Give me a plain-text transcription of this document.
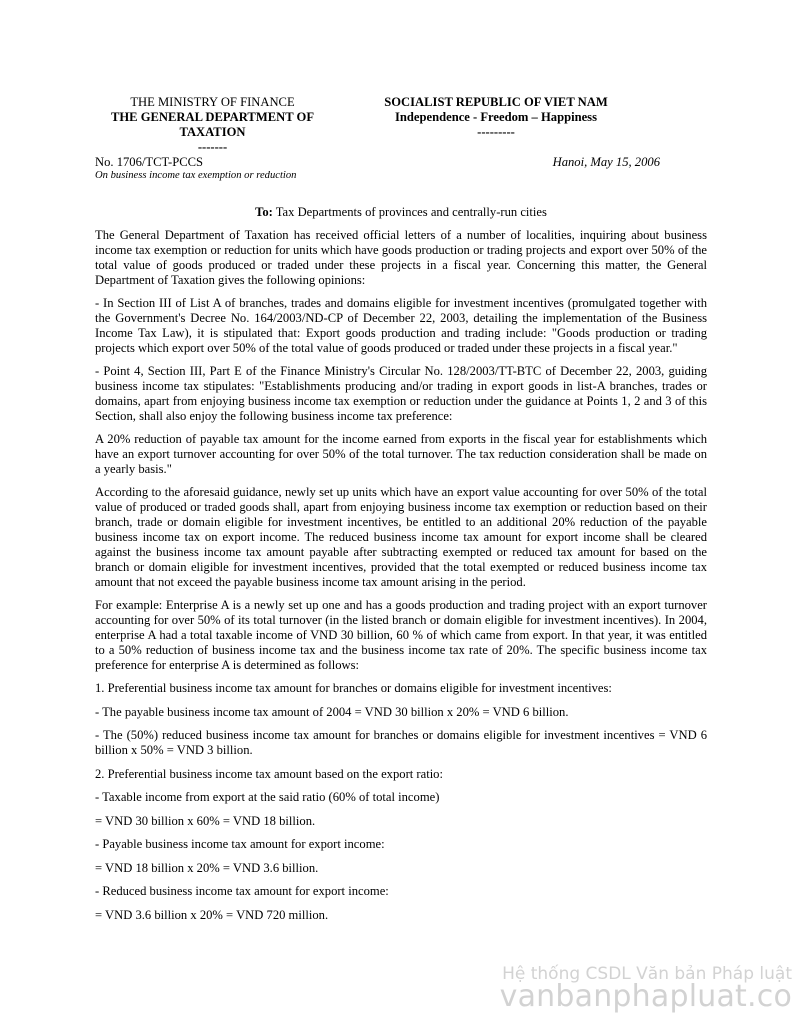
THE MINISTRY OF FINANCE
THE GENERAL DEPARTMENT OF
TAXATION
-------
SOCIALIST REPUBLIC OF VIET NAM
Independence - Freedom – Happiness
---------
No. 1706/TCT-PCCS	Hanoi, May 15, 2006
On business income tax exemption or reduction
To: Tax Departments of provinces and centrally-run cities

The General Department of Taxation has received official letters of a number of localities, inquiring about business income tax exemption or reduction for units which have goods production or trading projects and export over 50% of the total value of goods produced or traded under these projects in a fiscal year. Concerning this matter, the General Department of Taxation gives the following opinions:

- In Section III of List A of branches, trades and domains eligible for investment incentives (promulgated together with the Government's Decree No. 164/2003/ND-CP of December 22, 2003, detailing the implementation of the Business Income Tax Law), it is stipulated that: Export goods production and trading include: "Goods production or trading projects which export over 50% of the total value of goods produced or traded under these projects in a fiscal year."

- Point 4, Section III, Part E of the Finance Ministry's Circular No. 128/2003/TT-BTC of December 22, 2003, guiding business income tax stipulates: "Establishments producing and/or trading in export goods in list-A branches, trades or domains, apart from enjoying business income tax exemption or reduction under the guidance at Points 1, 2 and 3 of this Section, shall also enjoy the following business income tax preference:

A 20% reduction of payable tax amount for the income earned from exports in the fiscal year for establishments which have an export turnover accounting for over 50% of the total turnover. The tax reduction consideration shall be made on a yearly basis."

According to the aforesaid guidance, newly set up units which have an export value accounting for over 50% of the total value of produced or traded goods shall, apart from enjoying business income tax exemption or reduction based on their branch, trade or domain eligible for investment incentives, be entitled to an additional 20% reduction of the payable business income tax on export income. The reduced business income tax amount for export income shall be cleared against the business income tax amount payable after subtracting exempted or reduced tax amount for based on the branch or domain eligible for investment incentives, provided that the total exempted or reduced business income tax amount that not exceed the payable business income tax amount arising in the period.

For example: Enterprise A is a newly set up one and has a goods production and trading project with an export turnover accounting for over 50% of its total turnover (in the listed branch or domain eligible for investment incentives). In 2004, enterprise A had a total taxable income of VND 30 billion, 60 % of which came from export. In that year, it was entitled to a 50% reduction of business income tax and the business income tax rate of 20%. The specific business income tax preference for enterprise A is determined as follows:

1. Preferential business income tax amount for branches or domains eligible for investment incentives:

- The payable business income tax amount of 2004 = VND 30 billion x 20% = VND 6 billion.

- The (50%) reduced business income tax amount for branches or domains eligible for investment incentives = VND 6 billion x 50% = VND 3 billion.

2. Preferential business income tax amount based on the export ratio:

- Taxable income from export at the said ratio (60% of total income)

= VND 30 billion x 60% = VND 18 billion.

- Payable business income tax amount for export income:

= VND 18 billion x 20% = VND 3.6 billion.

- Reduced business income tax amount for export income:

= VND 3.6 billion x 20% = VND 720 million.

Hệ thống CSDL Văn bản Pháp luật
vanbanphapluat.co
